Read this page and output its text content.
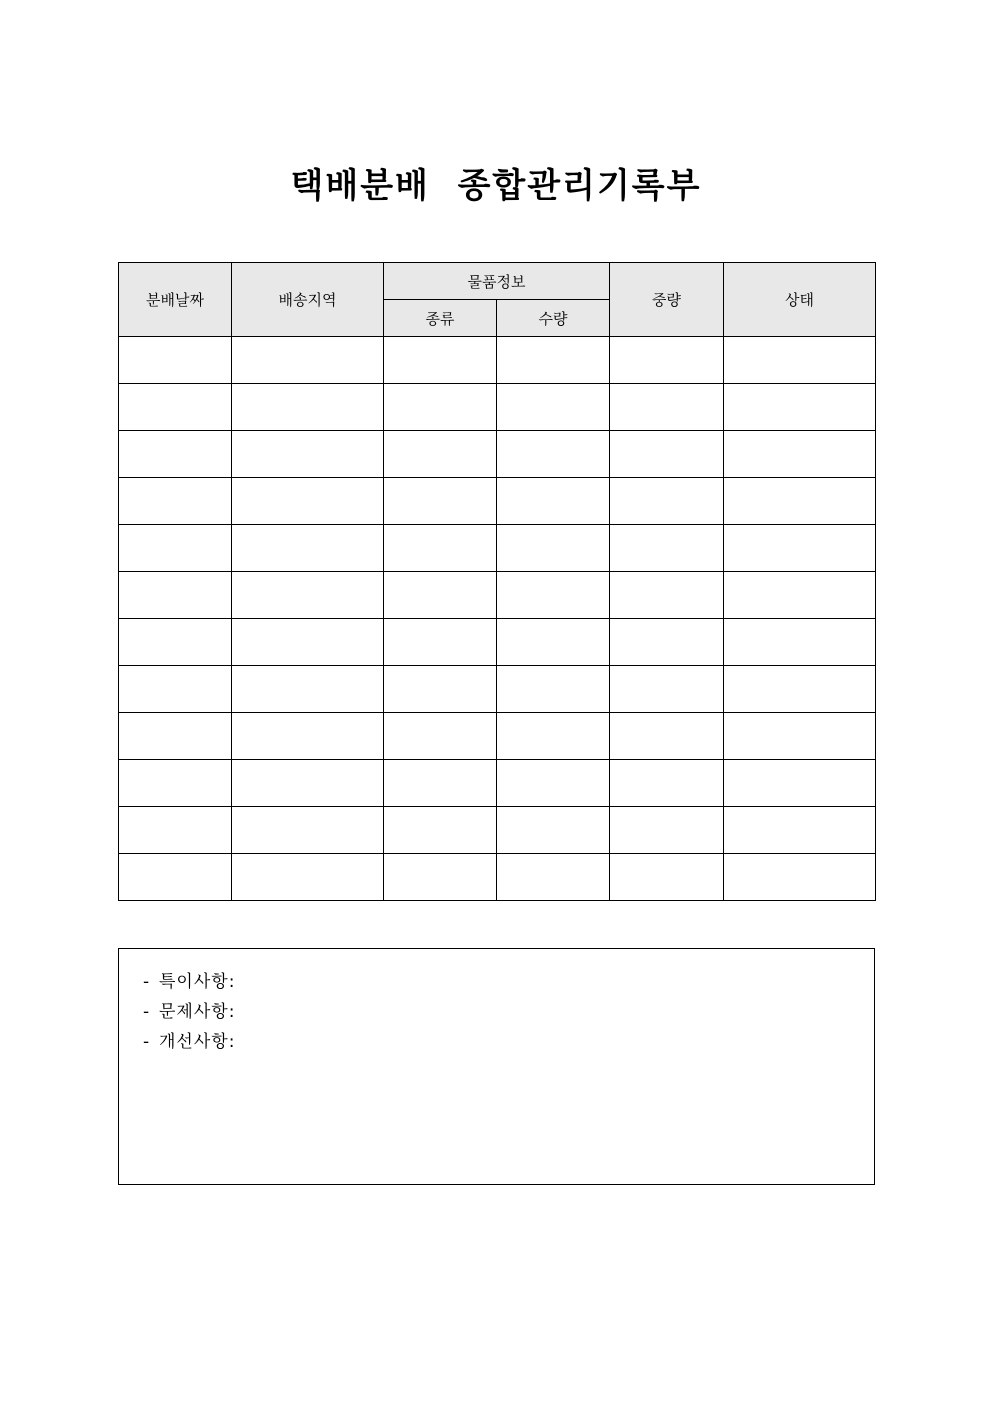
택배분배  종합관리기록부
분배날짜	배송지역	물품정보		중량	상태
		종류	수량		

- 특이사항:
- 문제사항:
- 개선사항:
